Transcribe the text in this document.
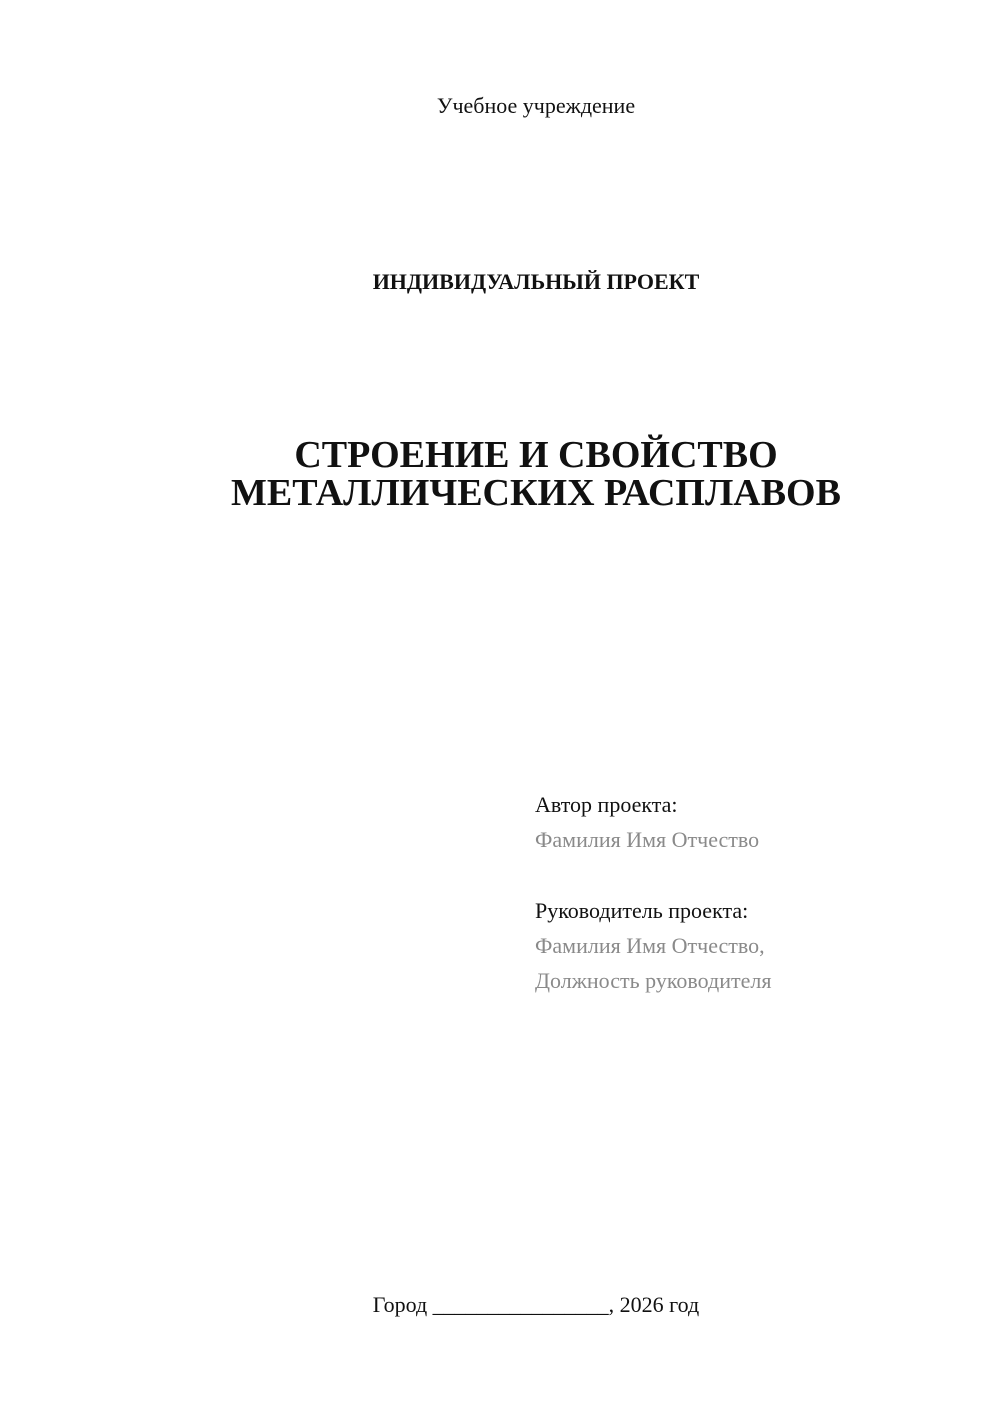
Учебное учреждение
ИНДИВИДУАЛЬНЫЙ ПРОЕКТ
СТРОЕНИЕ И СВОЙСТВО
МЕТАЛЛИЧЕСКИХ РАСПЛАВОВ
Автор проекта:
Фамилия Имя Отчество
Руководитель проекта:
Фамилия Имя Отчество,
Должность руководителя
Город ________________, 2026 год
